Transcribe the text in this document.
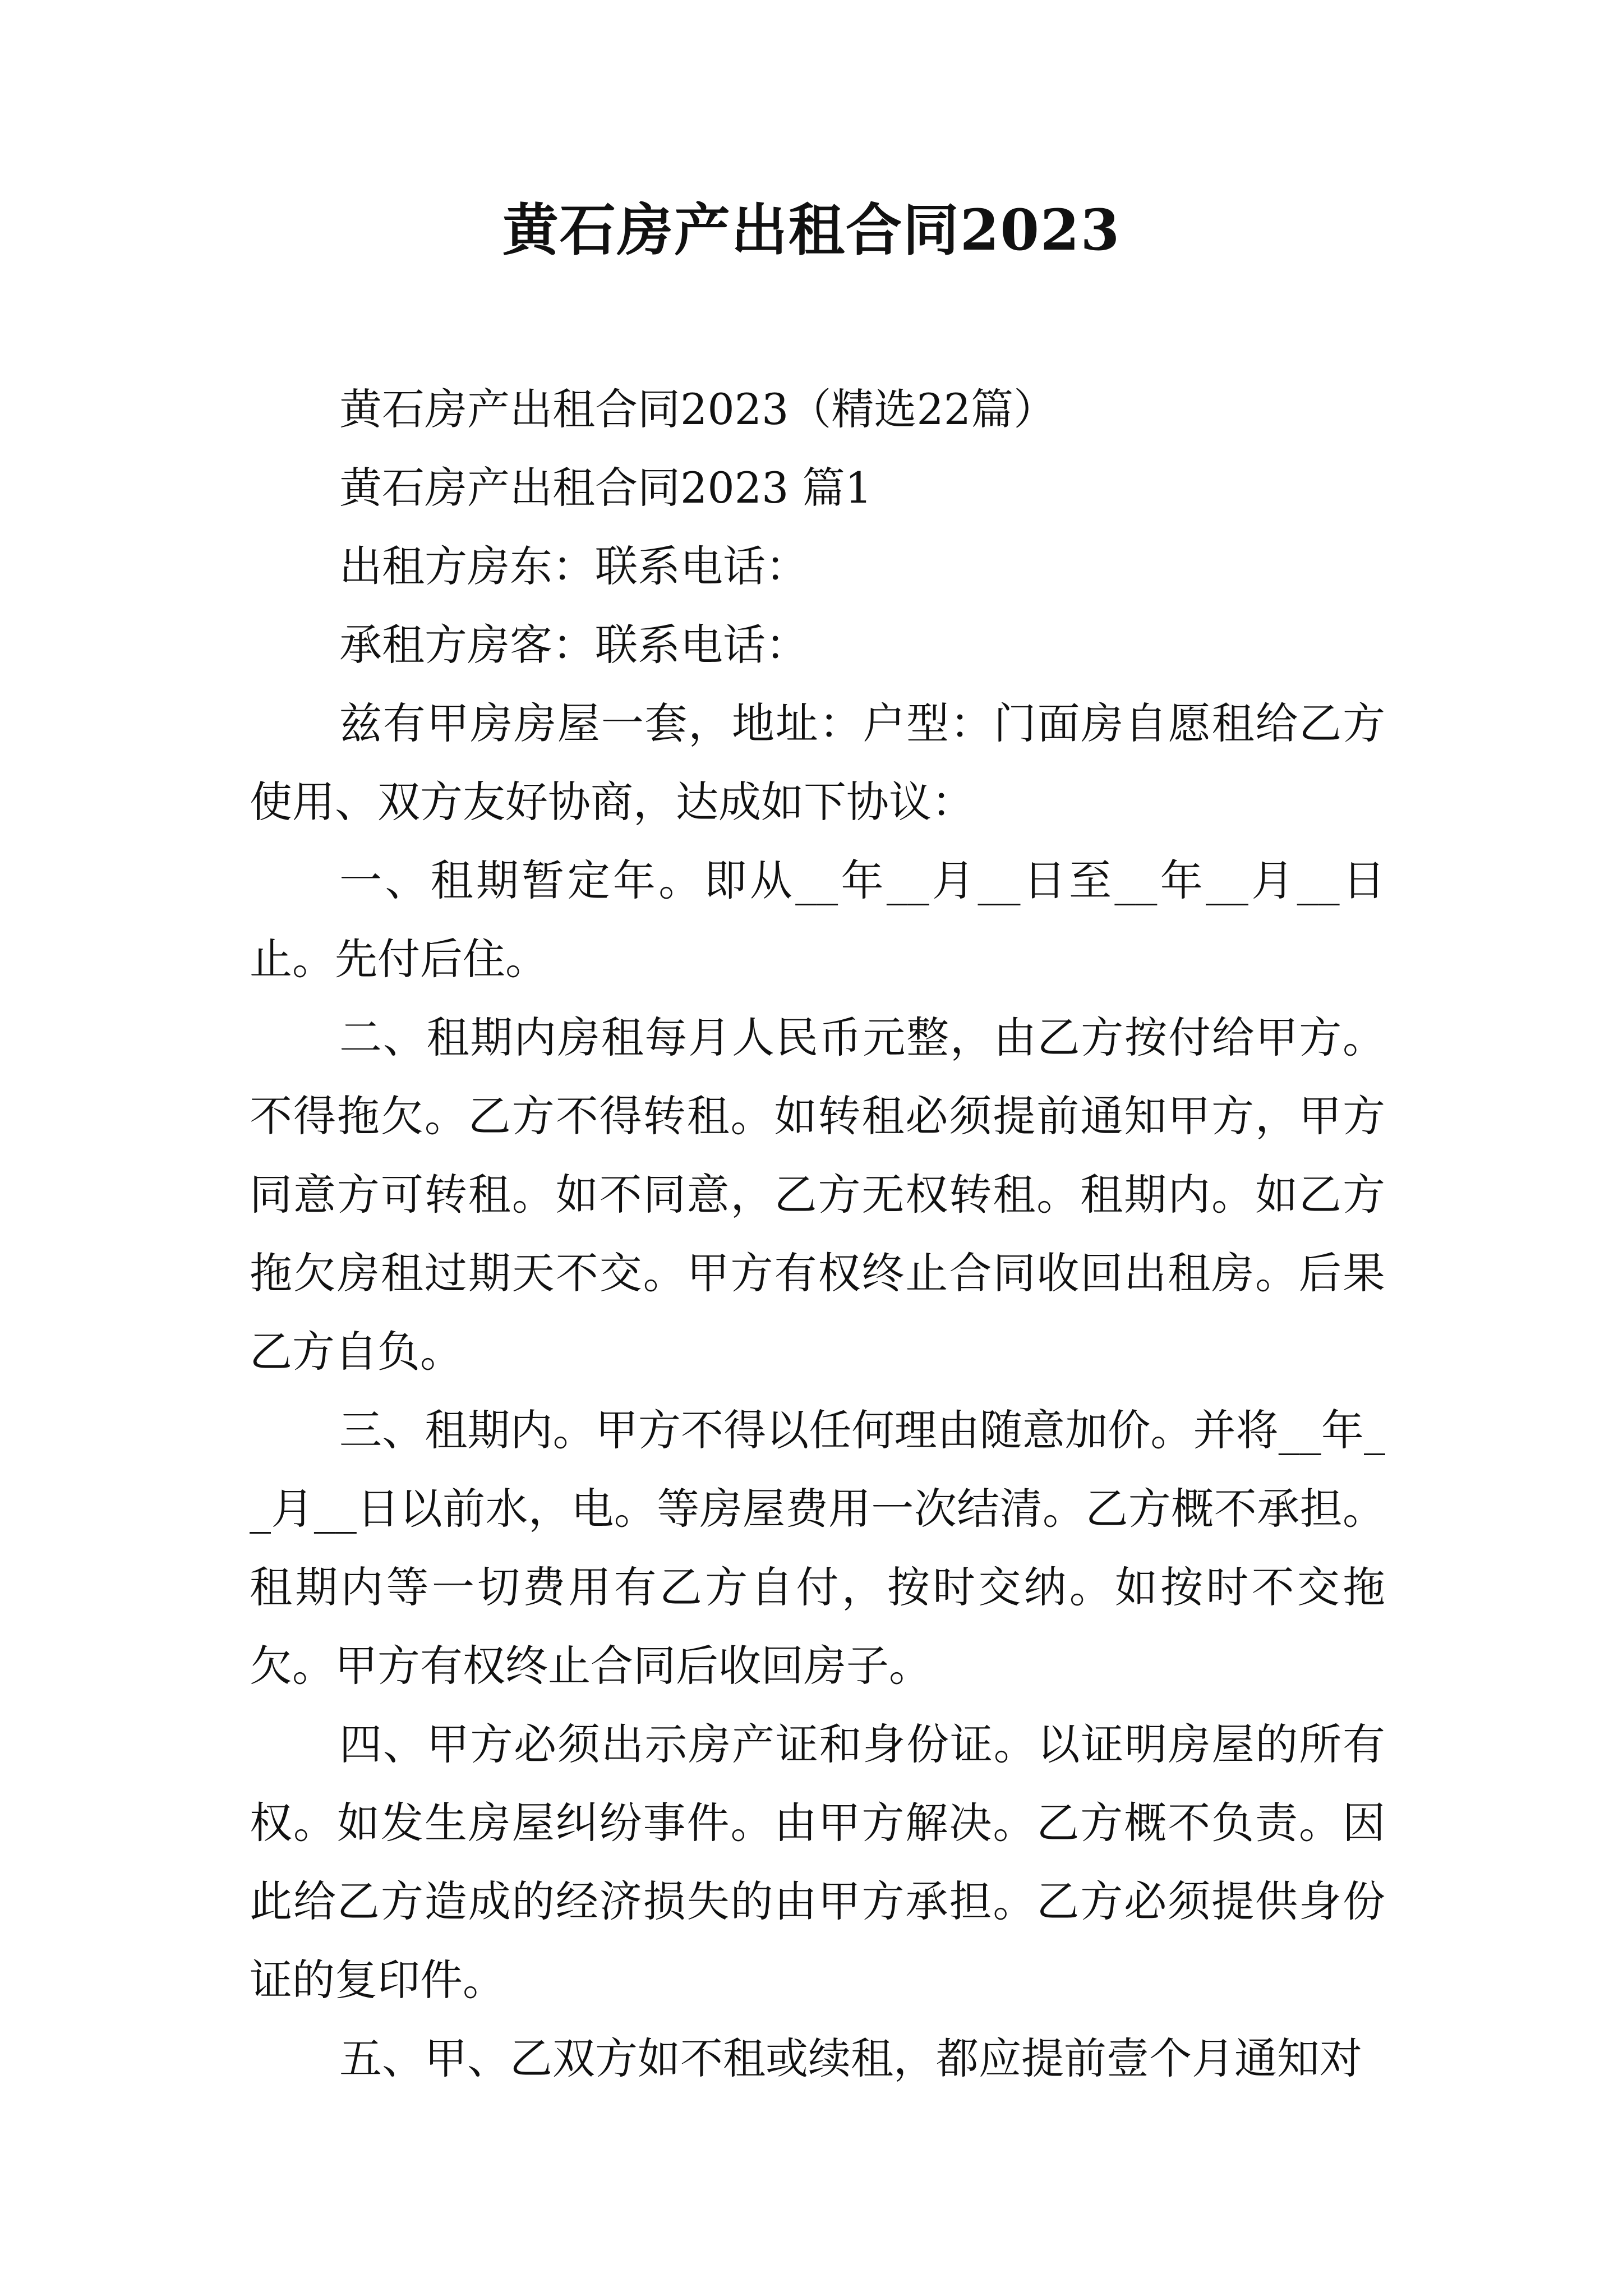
黄石房产出租合同2023

黄石房产出租合同2023（精选22篇）

黄石房产出租合同2023 篇1

出租方房东：联系电话：

承租方房客：联系电话：

兹有甲房房屋一套，地址：户型：门面房自愿租给乙方使用、双方友好协商，达成如下协议：

一、租期暂定年。即从__年__月__日至__年__月__日止。先付后住。

二、租期内房租每月人民币元整，由乙方按付给甲方。不得拖欠。乙方不得转租。如转租必须提前通知甲方，甲方同意方可转租。如不同意，乙方无权转租。租期内。如乙方拖欠房租过期天不交。甲方有权终止合同收回出租房。后果乙方自负。

三、租期内。甲方不得以任何理由随意加价。并将__年__月__日以前水，电。等房屋费用一次结清。乙方概不承担。租期内等一切费用有乙方自付，按时交纳。如按时不交拖欠。甲方有权终止合同后收回房子。

四、甲方必须出示房产证和身份证。以证明房屋的所有权。如发生房屋纠纷事件。由甲方解决。乙方概不负责。因此给乙方造成的经济损失的由甲方承担。乙方必须提供身份证的复印件。

五、甲、乙双方如不租或续租，都应提前壹个月通知对
